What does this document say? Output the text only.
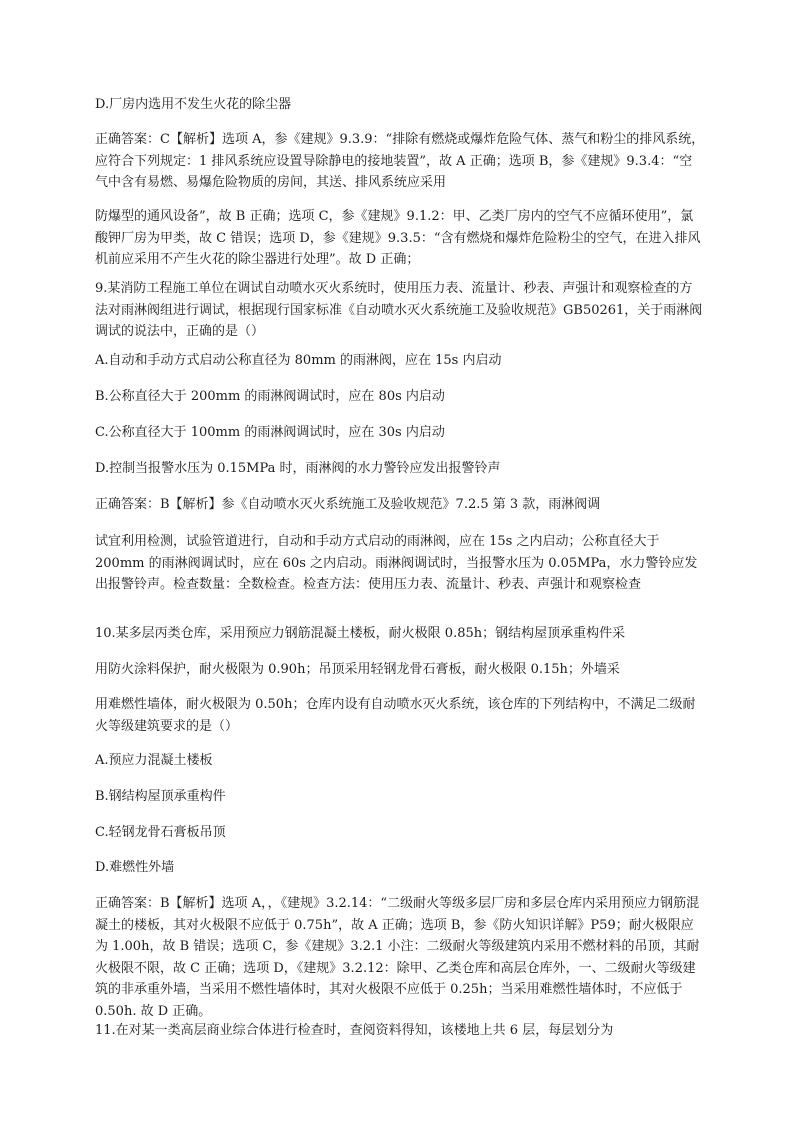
D.厂房内选用不发生火花的除尘器

正确答案：C【解析】选项 A，参《建规》9.3.9：“排除有燃烧或爆炸危险气体、蒸气和粉尘的排风系统，应符合下列规定：1 排风系统应设置导除静电的接地装置”，故 A 正确；选项 B，参《建规》9.3.4：“空气中含有易燃、易爆危险物质的房间，其送、排风系统应采用

防爆型的通风设备”，故 B 正确；选项 C，参《建规》9.1.2：甲、乙类厂房内的空气不应循环使用”，氯酸钾厂房为甲类，故 C 错误；选项 D，参《建规》9.3.5：“含有燃烧和爆炸危险粉尘的空气，在进入排风机前应采用不产生火花的除尘器进行处理”。故 D 正确；

9.某消防工程施工单位在调试自动喷水灭火系统时，使用压力表、流量计、秒表、声强计和观察检查的方法对雨淋阀组进行调试，根据现行国家标准《自动喷水灭火系统施工及验收规范》GB50261，关于雨淋阀调试的说法中，正确的是（）

A.自动和手动方式启动公称直径为 80mm 的雨淋阀，应在 15s 内启动

B.公称直径大于 200mm 的雨淋阀调试时，应在 80s 内启动

C.公称直径大于 100mm 的雨淋阀调试时，应在 30s 内启动

D.控制当报警水压为 0.15MPa 时，雨淋阀的水力警铃应发出报警铃声

正确答案：B【解析】参《自动喷水灭火系统施工及验收规范》7.2.5 第 3 款，雨淋阀调

试宜利用检测，试验管道进行，自动和手动方式启动的雨淋阀，应在 15s 之内启动；公称直径大于 200mm 的雨淋阀调试时，应在 60s 之内启动。雨淋阀调试时，当报警水压为 0.05MPa，水力警铃应发出报警铃声。检查数量：全数检查。检查方法：使用压力表、流量计、秒表、声强计和观察检查

10.某多层丙类仓库，采用预应力钢筋混凝土楼板，耐火极限 0.85h；钢结构屋顶承重构件采

用防火涂料保护，耐火极限为 0.90h；吊顶采用轻钢龙骨石膏板，耐火极限 0.15h；外墙采

用难燃性墙体，耐火极限为 0.50h；仓库内设有自动喷水灭火系统，该仓库的下列结构中，不满足二级耐火等级建筑要求的是（）

A.预应力混凝土楼板

B.钢结构屋顶承重构件

C.轻钢龙骨石膏板吊顶

D.难燃性外墙

正确答案：B【解析】选项 A，，《建规》3.2.14：“二级耐火等级多层厂房和多层仓库内采用预应力钢筋混凝土的楼板，其对火极限不应低于 0.75h”，故 A 正确；选项 B，参《防火知识详解》P59；耐火极限应为 1.00h，故 B 错误；选项 C，参《建规》3.2.1 小注：二级耐火等级建筑内采用不燃材料的吊顶，其耐火极限不限，故 C 正确；选项 D，《建规》3.2.12：除甲、乙类仓库和高层仓库外，一、二级耐火等级建筑的非承重外墙，当采用不燃性墙体时，其对火极限不应低于 0.25h；当采用难燃性墙体时，不应低于 0.50h. 故 D 正确。

11.在对某一类高层商业综合体进行检查时，查阅资料得知，该楼地上共 6 层，每层划分为
